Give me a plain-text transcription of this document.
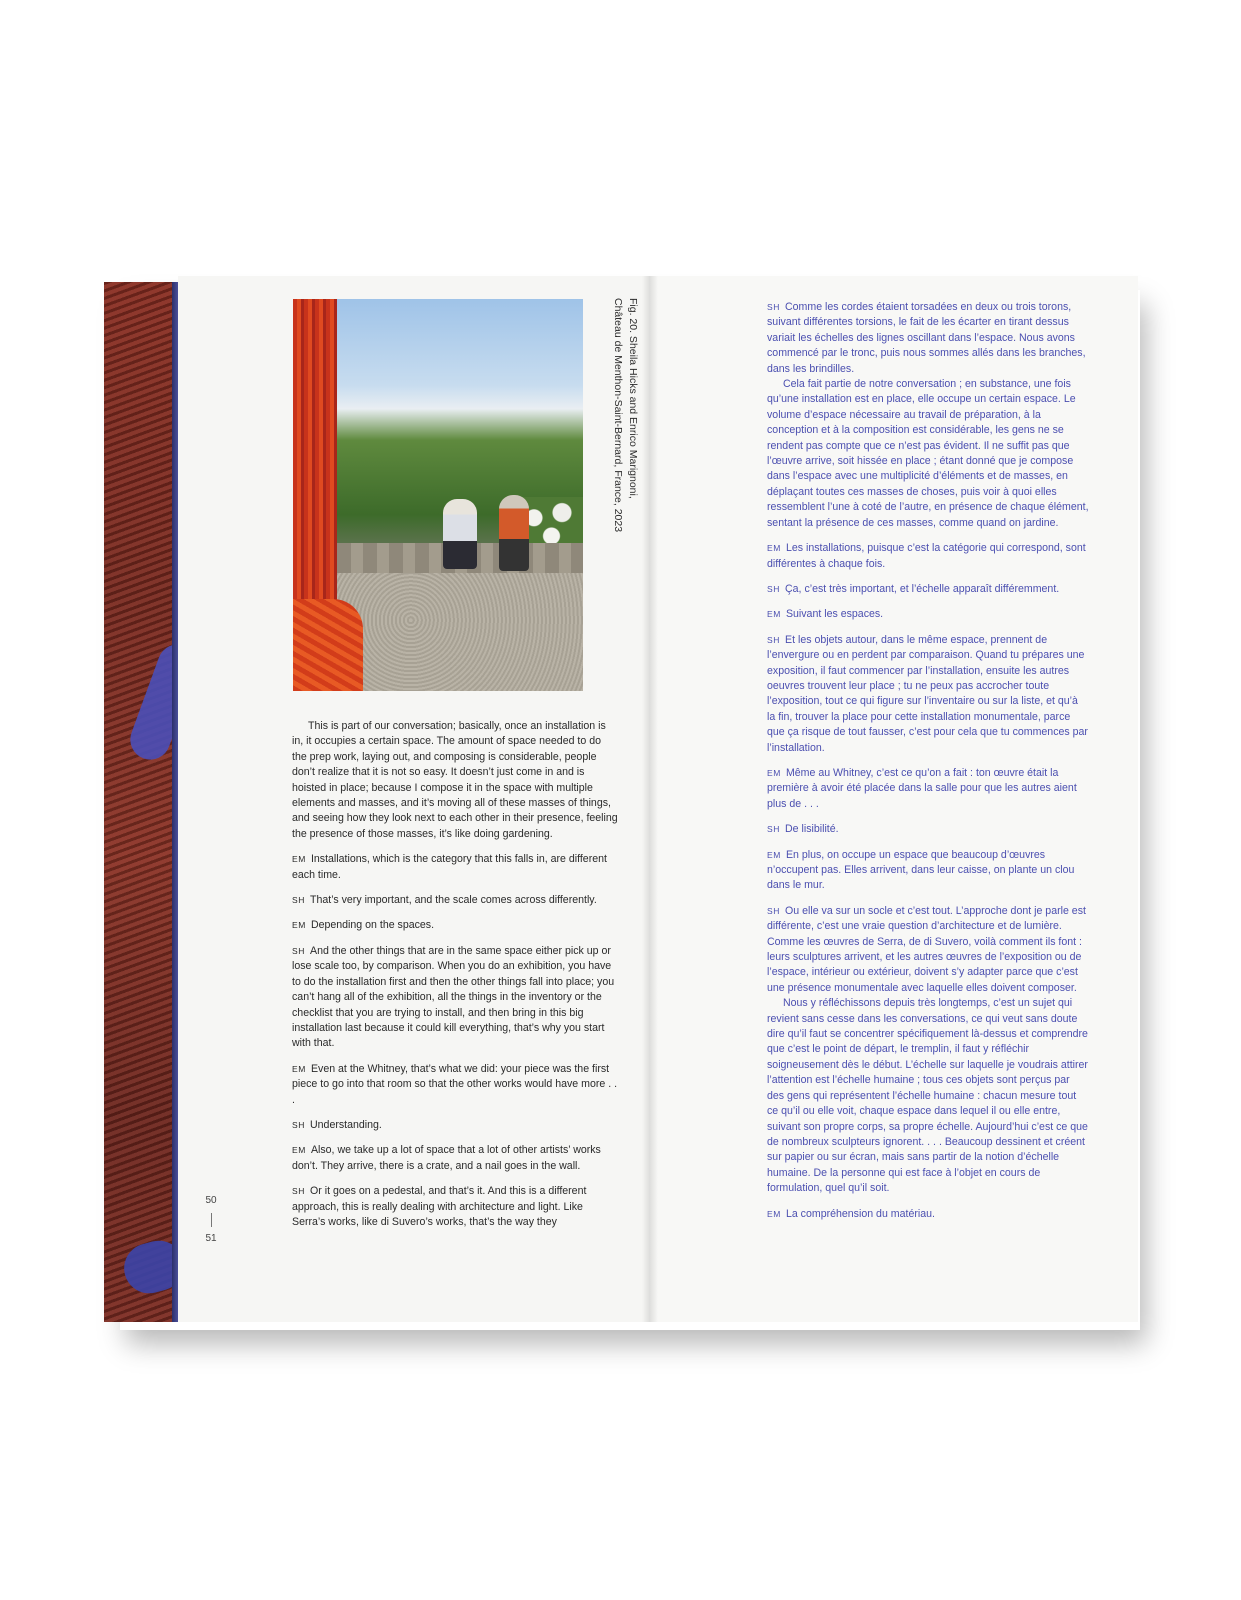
Fig. 20. Sheila Hicks and Enrico Marignoni,
Château de Menthon-Saint-Bernard, France, 2023

This is part of our conversation; basically, once an installation is in, it occupies a certain space. The amount of space needed to do the prep work, laying out, and composing is considerable, people don’t realize that it is not so easy. It doesn’t just come in and is hoisted in place; because I compose it in the space with multiple elements and masses, and it’s moving all of these masses of things, and seeing how they look next to each other in their presence, feeling the presence of those masses, it’s like doing gardening.

EM Installations, which is the category that this falls in, are different each time.

SH That’s very important, and the scale comes across differently.

EM Depending on the spaces.

SH And the other things that are in the same space either pick up or lose scale too, by comparison. When you do an exhibition, you have to do the installation first and then the other things fall into place; you can’t hang all of the exhibition, all the things in the inventory or the checklist that you are trying to install, and then bring in this big installation last because it could kill everything, that’s why you start with that.

EM Even at the Whitney, that’s what we did: your piece was the first piece to go into that room so that the other works would have more . . .

SH Understanding.

EM Also, we take up a lot of space that a lot of other artists’ works don’t. They arrive, there is a crate, and a nail goes in the wall.

SH Or it goes on a pedestal, and that’s it. And this is a different approach, this is really dealing with architecture and light. Like Serra’s works, like di Suvero’s works, that’s the way they

SH Comme les cordes étaient torsadées en deux ou trois torons, suivant différentes torsions, le fait de les écarter en tirant dessus variait les échelles des lignes oscillant dans l’espace. Nous avons commencé par le tronc, puis nous sommes allés dans les branches, dans les brindilles.

Cela fait partie de notre conversation ; en substance, une fois qu’une installation est en place, elle occupe un certain espace. Le volume d’espace nécessaire au travail de préparation, à la conception et à la composition est considérable, les gens ne se rendent pas compte que ce n’est pas évident. Il ne suffit pas que l’œuvre arrive, soit hissée en place ; étant donné que je compose dans l’espace avec une multiplicité d’éléments et de masses, en déplaçant toutes ces masses de choses, puis voir à quoi elles ressemblent l’une à coté de l’autre, en présence de chaque élément, sentant la présence de ces masses, comme quand on jardine.

EM Les installations, puisque c’est la catégorie qui correspond, sont différentes à chaque fois.

SH Ça, c’est très important, et l’échelle apparaît différemment.

EM Suivant les espaces.

SH Et les objets autour, dans le même espace, prennent de l’envergure ou en perdent par comparaison. Quand tu prépares une exposition, il faut commencer par l’installation, ensuite les autres oeuvres trouvent leur place ; tu ne peux pas accrocher toute l’exposition, tout ce qui figure sur l’inventaire ou sur la liste, et qu’à la fin, trouver la place pour cette installation monumentale, parce que ça risque de tout fausser, c’est pour cela que tu commences par l’installation.

EM Même au Whitney, c’est ce qu’on a fait : ton œuvre était la première à avoir été placée dans la salle pour que les autres aient plus de . . .

SH De lisibilité.

EM En plus, on occupe un espace que beaucoup d’œuvres n’occupent pas. Elles arrivent, dans leur caisse, on plante un clou dans le mur.

SH Ou elle va sur un socle et c’est tout. L’approche dont je parle est différente, c’est une vraie question d’architecture et de lumière. Comme les œuvres de Serra, de di Suvero, voilà comment ils font : leurs sculptures arrivent, et les autres œuvres de l’exposition ou de l’espace, intérieur ou extérieur, doivent s’y adapter parce que c’est une présence monumentale avec laquelle elles doivent composer.

Nous y réfléchissons depuis très longtemps, c’est un sujet qui revient sans cesse dans les conversations, ce qui veut sans doute dire qu’il faut se concentrer spécifiquement là-dessus et comprendre que c’est le point de départ, le tremplin, il faut y réfléchir soigneusement dès le début. L’échelle sur laquelle je voudrais attirer l’attention est l’échelle humaine ; tous ces objets sont perçus par des gens qui représentent l’échelle humaine : chacun mesure tout ce qu’il ou elle voit, chaque espace dans lequel il ou elle entre, suivant son propre corps, sa propre échelle. Aujourd’hui c’est ce que de nombreux sculpteurs ignorent. . . . Beaucoup dessinent et créent sur papier ou sur écran, mais sans partir de la notion d’échelle humaine. De la personne qui est face à l’objet en cours de formulation, quel qu’il soit.

EM La compréhension du matériau.

50
51
